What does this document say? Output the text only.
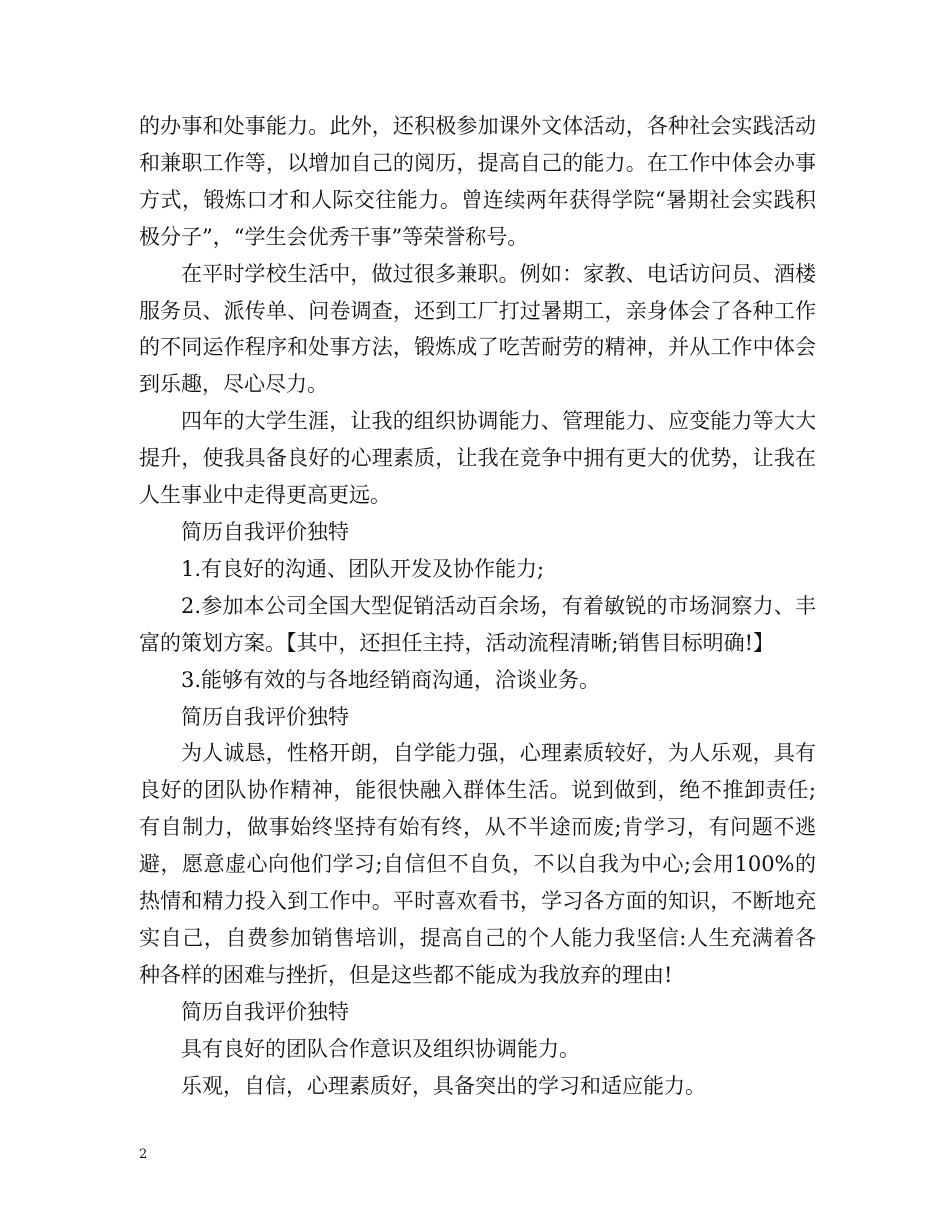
的办事和处事能力。此外，还积极参加课外文体活动，各种社会实践活动和兼职工作等，以增加自己的阅历，提高自己的能力。在工作中体会办事方式，锻炼口才和人际交往能力。曾连续两年获得学院“暑期社会实践积极分子”，“学生会优秀干事”等荣誉称号。

在平时学校生活中，做过很多兼职。例如：家教、电话访问员、酒楼服务员、派传单、问卷调查，还到工厂打过暑期工，亲身体会了各种工作的不同运作程序和处事方法，锻炼成了吃苦耐劳的精神，并从工作中体会到乐趣，尽心尽力。

四年的大学生涯，让我的组织协调能力、管理能力、应变能力等大大提升，使我具备良好的心理素质，让我在竞争中拥有更大的优势，让我在人生事业中走得更高更远。

简历自我评价独特

1.有良好的沟通、团队开发及协作能力;

2.参加本公司全国大型促销活动百余场，有着敏锐的市场洞察力、丰富的策划方案。【其中，还担任主持，活动流程清晰;销售目标明确!】

3.能够有效的与各地经销商沟通，洽谈业务。

简历自我评价独特

为人诚恳，性格开朗，自学能力强，心理素质较好，为人乐观，具有良好的团队协作精神，能很快融入群体生活。说到做到，绝不推卸责任;有自制力，做事始终坚持有始有终，从不半途而废;肯学习，有问题不逃避，愿意虚心向他们学习;自信但不自负，不以自我为中心;会用100%的热情和精力投入到工作中。平时喜欢看书，学习各方面的知识，不断地充实自己，自费参加销售培训，提高自己的个人能力我坚信:人生充满着各种各样的困难与挫折，但是这些都不能成为我放弃的理由!

简历自我评价独特

具有良好的团队合作意识及组织协调能力。

乐观，自信，心理素质好，具备突出的学习和适应能力。

2
